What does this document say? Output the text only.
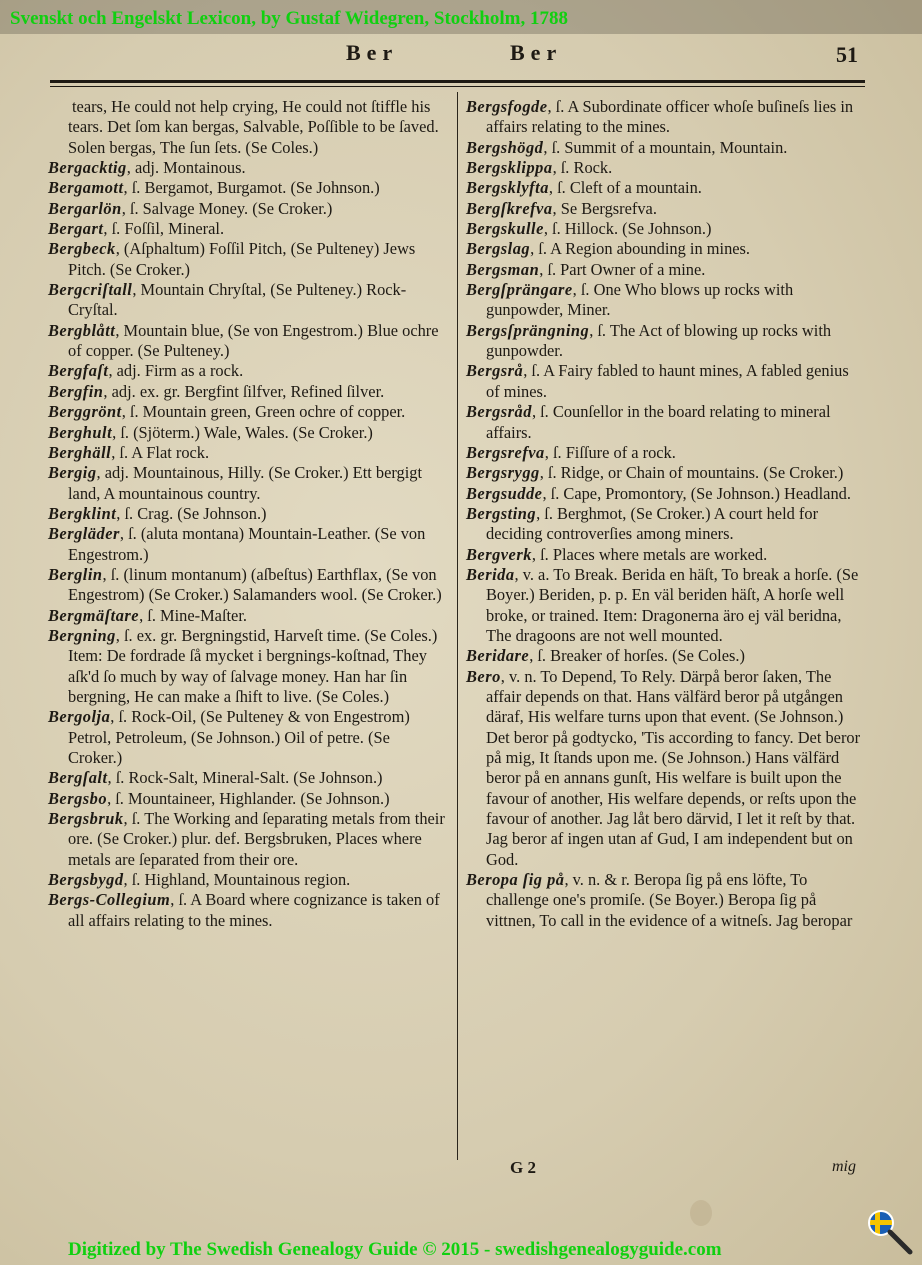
Svenskt och Engelskt Lexicon, by Gustaf Widegren, Stockholm, 1788
Ber	Ber	51

tears, He could not help crying, He could not ſtiffle his tears. Det ſom kan bergas, Salvable, Poſſible to be ſaved. Solen bergas, The ſun ſets. (Se Coles.)

Bergacktig, adj. Montainous.

Bergamott, ſ. Bergamot, Burgamot. (Se Johnson.)

Bergarlön, ſ. Salvage Money. (Se Croker.)

Bergart, ſ. Foſſil, Mineral.

Bergbeck, (Aſphaltum) Foſſil Pitch, (Se Pulteney) Jews Pitch. (Se Croker.)

Bergcriſtall, Mountain Chryſtal, (Se Pulteney.) Rock-Cryſtal.

Bergblått, Mountain blue, (Se von Engestrom.) Blue ochre of copper. (Se Pulteney.)

Bergfaſt, adj. Firm as a rock.

Bergfin, adj. ex. gr. Bergfint ſilfver, Refined ſilver.

Berggrönt, ſ. Mountain green, Green ochre of copper.

Berghult, ſ. (Sjöterm.) Wale, Wales. (Se Croker.)

Berghäll, ſ. A Flat rock.

Bergig, adj. Mountainous, Hilly. (Se Croker.) Ett bergigt land, A mountainous country.

Bergklint, ſ. Crag. (Se Johnson.)

Bergläder, ſ. (aluta montana) Mountain-Leather. (Se von Engestrom.)

Berglin, ſ. (linum montanum) (aſbeſtus) Earthflax, (Se von Engestrom) (Se Croker.) Salamanders wool. (Se Croker.)

Bergmäſtare, ſ. Mine-Maſter.

Bergning, ſ. ex. gr. Bergningstid, Harveſt time. (Se Coles.) Item: De fordrade ſå mycket i bergnings-koſtnad, They aſk'd ſo much by way of ſalvage money. Han har ſin bergning, He can make a ſhift to live. (Se Coles.)

Bergolja, ſ. Rock-Oil, (Se Pulteney & von Engestrom) Petrol, Petroleum, (Se Johnson.) Oil of petre. (Se Croker.)

Bergſalt, ſ. Rock-Salt, Mineral-Salt. (Se Johnson.)

Bergsbo, ſ. Mountaineer, Highlander. (Se Johnson.)

Bergsbruk, ſ. The Working and ſeparating metals from their ore. (Se Croker.) plur. def. Bergsbruken, Places where metals are ſeparated from their ore.

Bergsbygd, ſ. Highland, Mountainous region.

Bergs-Collegium, ſ. A Board where cognizance is taken of all affairs relating to the mines.

Bergsfogde, ſ. A Subordinate officer whoſe buſineſs lies in affairs relating to the mines.

Bergshögd, ſ. Summit of a mountain, Mountain.

Bergsklippa, ſ. Rock.

Bergsklyfta, ſ. Cleft of a mountain.

Bergſkrefva, Se Bergsrefva.

Bergskulle, ſ. Hillock. (Se Johnson.)

Bergslag, ſ. A Region abounding in mines.

Bergsman, ſ. Part Owner of a mine.

Bergſprängare, ſ. One Who blows up rocks with gunpowder, Miner.

Bergsſprängning, ſ. The Act of blowing up rocks with gunpowder.

Bergsrå, ſ. A Fairy fabled to haunt mines, A fabled genius of mines.

Bergsråd, ſ. Counſellor in the board relating to mineral affairs.

Bergsrefva, ſ. Fiſſure of a rock.

Bergsrygg, ſ. Ridge, or Chain of mountains. (Se Croker.)

Bergsudde, ſ. Cape, Promontory, (Se Johnson.) Headland.

Bergsting, ſ. Berghmot, (Se Croker.) A court held for deciding controverſies among miners.

Bergverk, ſ. Places where metals are worked.

Berida, v. a. To Break. Berida en häſt, To break a horſe. (Se Boyer.) Beriden, p. p. En väl beriden häſt, A horſe well broke, or trained. Item: Dragonerna äro ej väl beridna, The dragoons are not well mounted.

Beridare, ſ. Breaker of horſes. (Se Coles.)

Bero, v. n. To Depend, To Rely. Därpå beror ſaken, The affair depends on that. Hans välfärd beror på utgången däraf, His welfare turns upon that event. (Se Johnson.) Det beror på godtycko, 'Tis according to fancy. Det beror på mig, It ſtands upon me. (Se Johnson.) Hans välfärd beror på en annans gunſt, His welfare is built upon the favour of another, His welfare depends, or reſts upon the favour of another. Jag låt bero därvid, I let it reſt by that. Jag beror af ingen utan af Gud, I am independent but on God.

Beropa ſig på, v. n. & r. Beropa ſig på ens löfte, To challenge one's promiſe. (Se Boyer.) Beropa ſig på vittnen, To call in the evidence of a witneſs. Jag beropar

G 2	mig
Digitized by The Swedish Genealogy Guide © 2015 - swedishgenealogyguide.com
